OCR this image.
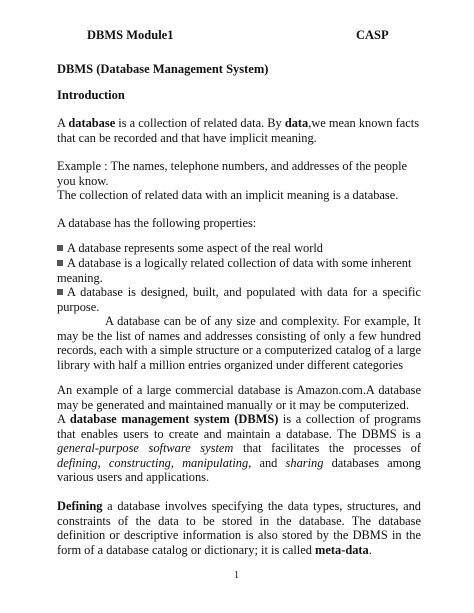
DBMS Module1	CASP
DBMS (Database Management System)
Introduction

A database is a collection of related data. By data,we mean known facts that can be recorded and that have implicit meaning.

Example : The names, telephone numbers, and addresses of the people you know.

The collection of related data with an implicit meaning is a database.

A database has the following properties:

A database represents some aspect of the real world

A database is a logically related collection of data with some inherent meaning.

A database is designed, built, and populated with data for a specific purpose.

A database can be of any size and complexity. For example, It may be the list of names and addresses consisting of only a few hundred records, each with a simple structure or a computerized catalog of a large library with half a million entries organized under different categories

An example of a large commercial database is Amazon.com.A database may be generated and maintained manually or it may be computerized.

A database management system (DBMS) is a collection of programs that enables users to create and maintain a database. The DBMS is a general-purpose software system that facilitates the processes of defining, constructing, manipulating, and sharing databases among various users and applications.

Defining a database involves specifying the data types, structures, and constraints of the data to be stored in the database. The database definition or descriptive information is also stored by the DBMS in the form of a database catalog or dictionary; it is called meta-data.

1
